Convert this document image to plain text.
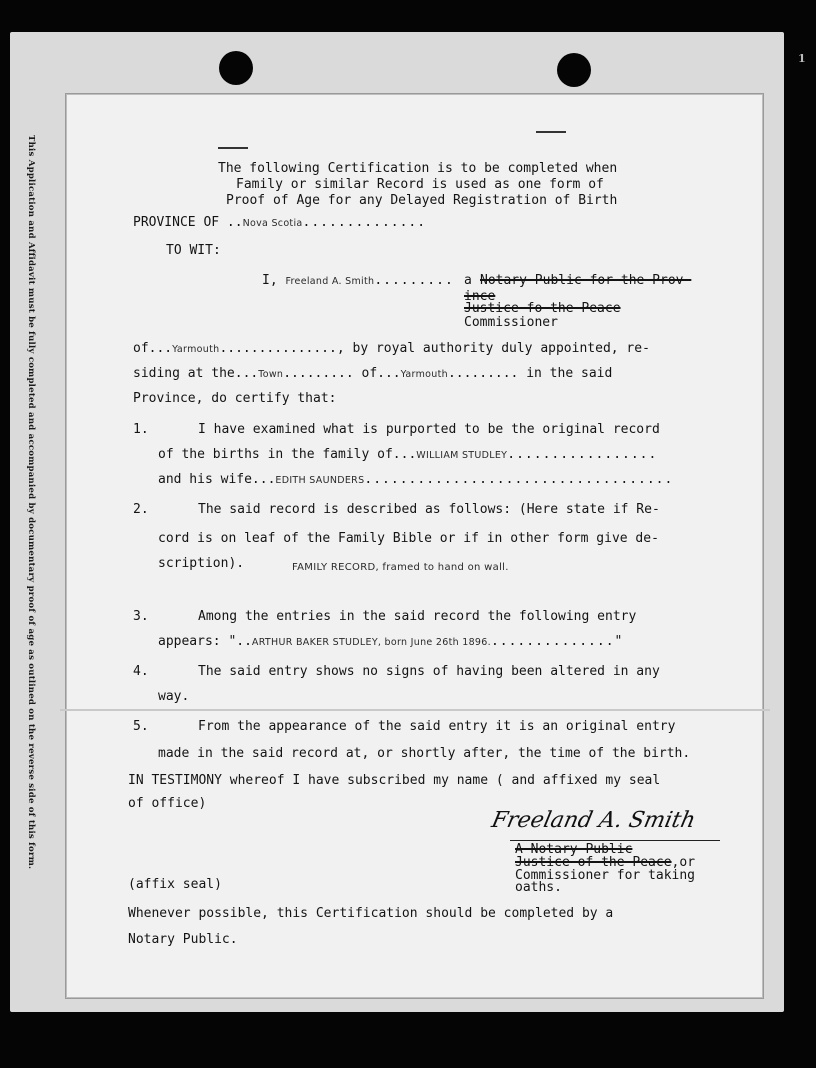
1
This Application and Affidavit must be fully completed and accompanied by documentary proof of age as outlined on the reverse side of this form.	The following Certification is to be completed when
Family or similar Record is used as one form of
Proof of Age for any Delayed Registration of Birth
PROVINCE OF ..Nova Scotia..............
TO WIT:
I, Freeland A. Smith......... a Notary Public for the Prov-
ince
Justice fo the Peace
Commissioner
of...Yarmouth..............., by royal authority duly appointed, re-
siding at the...Town......... of...Yarmouth......... in the said
Province, do certify that:
1.	I have examined what is purported to be the original record
of the births in the family of...WILLIAM STUDLEY.................
and his wife...EDITH SAUNDERS...................................
2.	The said record is described as follows: (Here state if Re-
cord is on leaf of the Family Bible or if in other form give de-
scription).	FAMILY RECORD, framed to hand on wall.
3.	Among the entries in the said record the following entry
appears: "..ARTHUR BAKER STUDLEY, born June 26th 1896..............."
4.	The said entry shows no signs of having been altered in any
way.
5.	From the appearance of the said entry it is an original entry
made in the said record at, or shortly after, the time of the birth.
IN TESTIMONY whereof I have subscribed my name ( and affixed my seal
of office)
Freeland A. Smith
A Notary Public
Justice of the Peace,or
Commissioner for taking
oaths.
(affix seal)
Whenever possible, this Certification should be completed by a
Notary Public.
